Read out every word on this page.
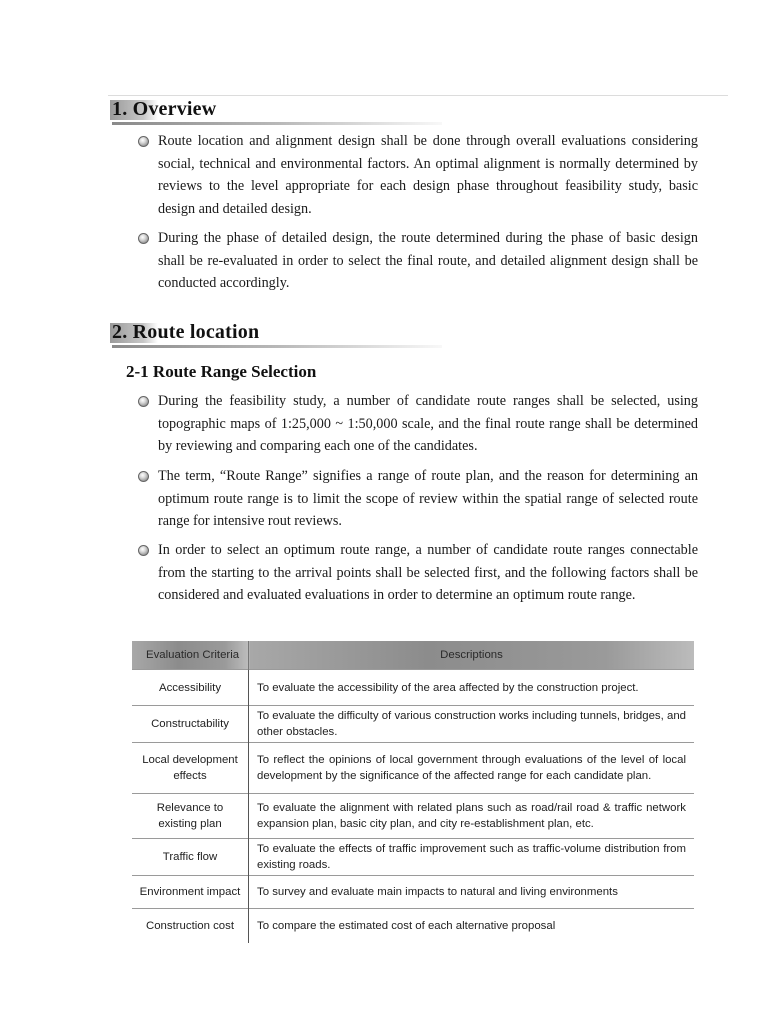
1. Overview
Route location and alignment design shall be done through overall evaluations considering social, technical and environmental factors. An optimal alignment is normally determined by reviews to the level appropriate for each design phase throughout feasibility study, basic design and detailed design.
During the phase of detailed design, the route determined during the phase of basic design shall be re-evaluated in order to select the final route, and detailed alignment design shall be conducted accordingly.
2. Route location
2-1 Route Range Selection
During the feasibility study, a number of candidate route ranges shall be selected, using topographic maps of 1:25,000 ~ 1:50,000 scale, and the final route range shall be determined by reviewing and comparing each one of the candidates.
The term, “Route Range” signifies a range of route plan, and the reason for determining an optimum route range is to limit the scope of review within the spatial range of selected route range for intensive rout reviews.
In order to select an optimum route range, a number of candidate route ranges connectable from the starting to the arrival points shall be selected first, and the following factors shall be considered and evaluated evaluations in order to determine an optimum route range.
Evaluation Criteria	Descriptions
Accessibility	To evaluate the accessibility of the area affected by the construction project.
Constructability	To evaluate the difficulty of various construction works including tunnels, bridges, and other obstacles.
Local development effects	To reflect the opinions of local government through evaluations of the level of local development by the significance of the affected range for each candidate plan.
Relevance to existing plan	To evaluate the alignment with related plans such as road/rail road & traffic network expansion plan, basic city plan, and city re-establishment plan, etc.
Traffic flow	To evaluate the effects of traffic improvement such as traffic-volume distribution from existing roads.
Environment impact	To survey and evaluate main impacts to natural and living environments
Construction cost	To compare the estimated cost of each alternative proposal
